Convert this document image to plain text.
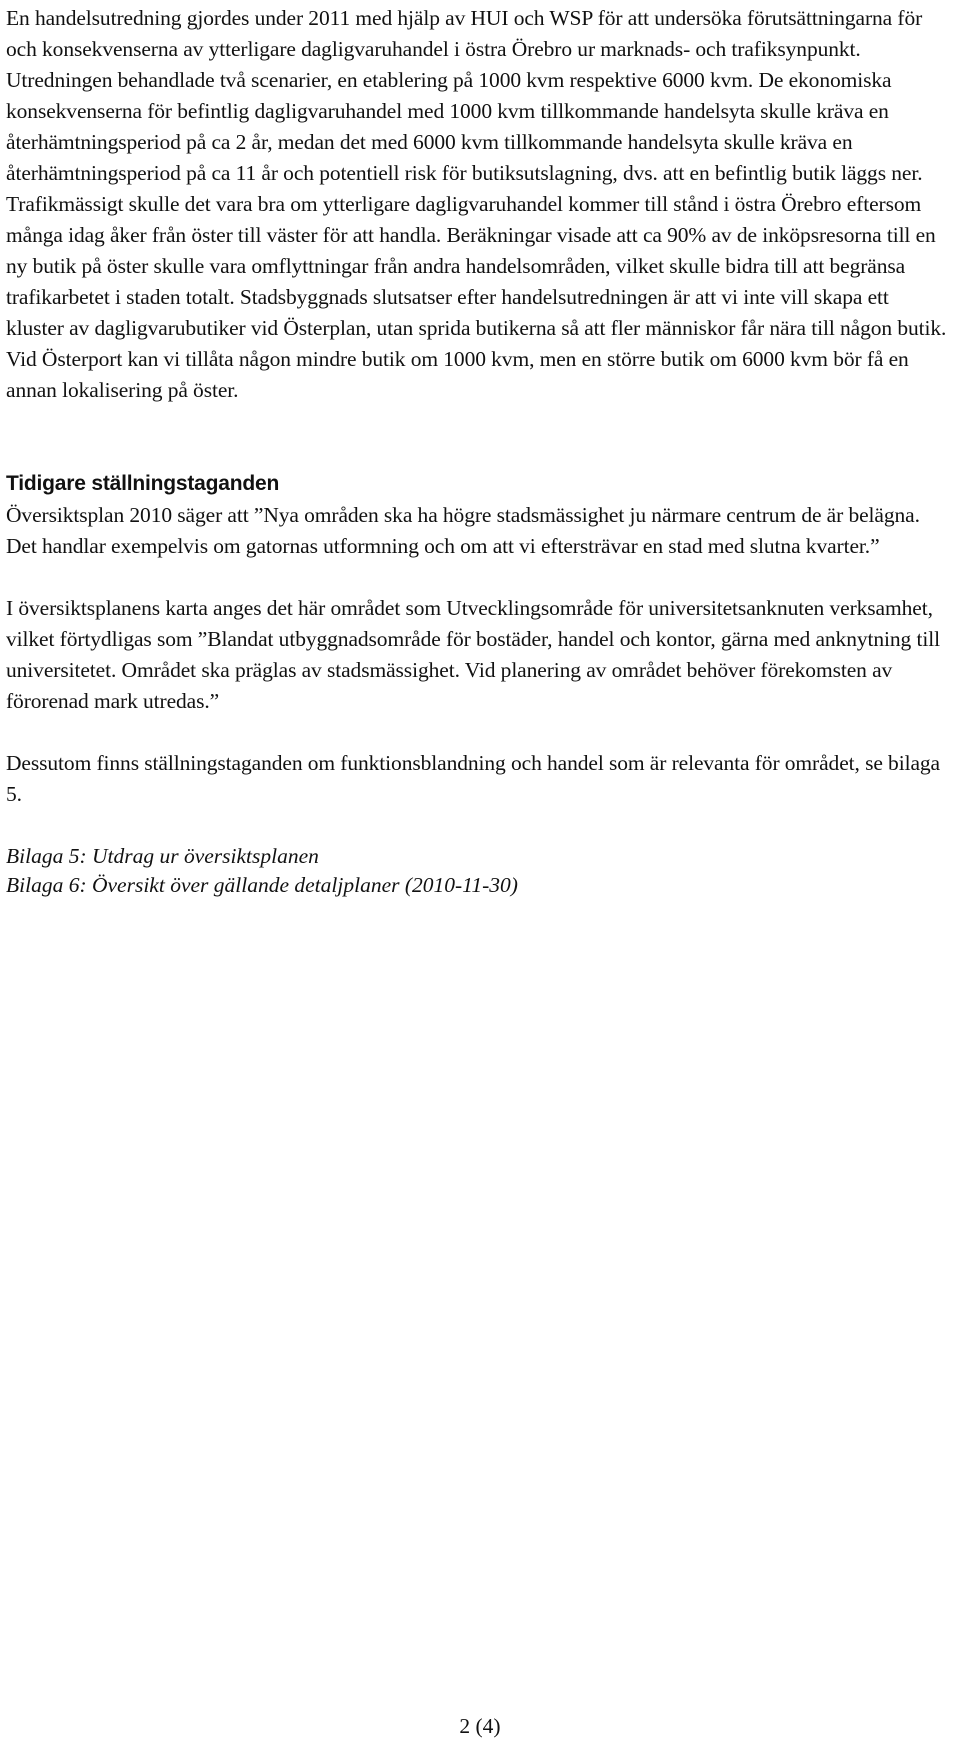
En handelsutredning gjordes under 2011 med hjälp av HUI och WSP för att undersöka förutsättningarna för och konsekvenserna av ytterligare dagligvaruhandel i östra Örebro ur marknads- och trafiksynpunkt. Utredningen behandlade två scenarier, en etablering på 1000 kvm respektive 6000 kvm. De ekonomiska konsekvenserna för befintlig dagligvaruhandel med 1000 kvm tillkommande handelsyta skulle kräva en återhämtningsperiod på ca 2 år, medan det med 6000 kvm tillkommande handelsyta skulle kräva en återhämtningsperiod på ca 11 år och potentiell risk för butiksutslagning, dvs. att en befintlig butik läggs ner. Trafikmässigt skulle det vara bra om ytterligare dagligvaruhandel kommer till stånd i östra Örebro eftersom många idag åker från öster till väster för att handla. Beräkningar visade att ca 90% av de inköpsresorna till en ny butik på öster skulle vara omflyttningar från andra handelsområden, vilket skulle bidra till att begränsa trafikarbetet i staden totalt. Stadsbyggnads slutsatser efter handelsutredningen är att vi inte vill skapa ett kluster av dagligvarubutiker vid Österplan, utan sprida butikerna så att fler människor får nära till någon butik. Vid Österport kan vi tillåta någon mindre butik om 1000 kvm, men en större butik om 6000 kvm bör få en annan lokalisering på öster.

Tidigare ställningstaganden

Översiktsplan 2010 säger att ”Nya områden ska ha högre stadsmässighet ju närmare centrum de är belägna. Det handlar exempelvis om gatornas utformning och om att vi eftersträvar en stad med slutna kvarter.”

I översiktsplanens karta anges det här området som Utvecklingsområde för universitetsanknuten verksamhet, vilket förtydligas som ”Blandat utbyggnadsområde för bostäder, handel och kontor, gärna med anknytning till universitetet. Området ska präglas av stadsmässighet. Vid planering av området behöver förekomsten av förorenad mark utredas.”

Dessutom finns ställningstaganden om funktionsblandning och handel som är relevanta för området, se bilaga 5.

Bilaga 5: Utdrag ur översiktsplanen

Bilaga 6: Översikt över gällande detaljplaner (2010-11-30)

2 (4)
